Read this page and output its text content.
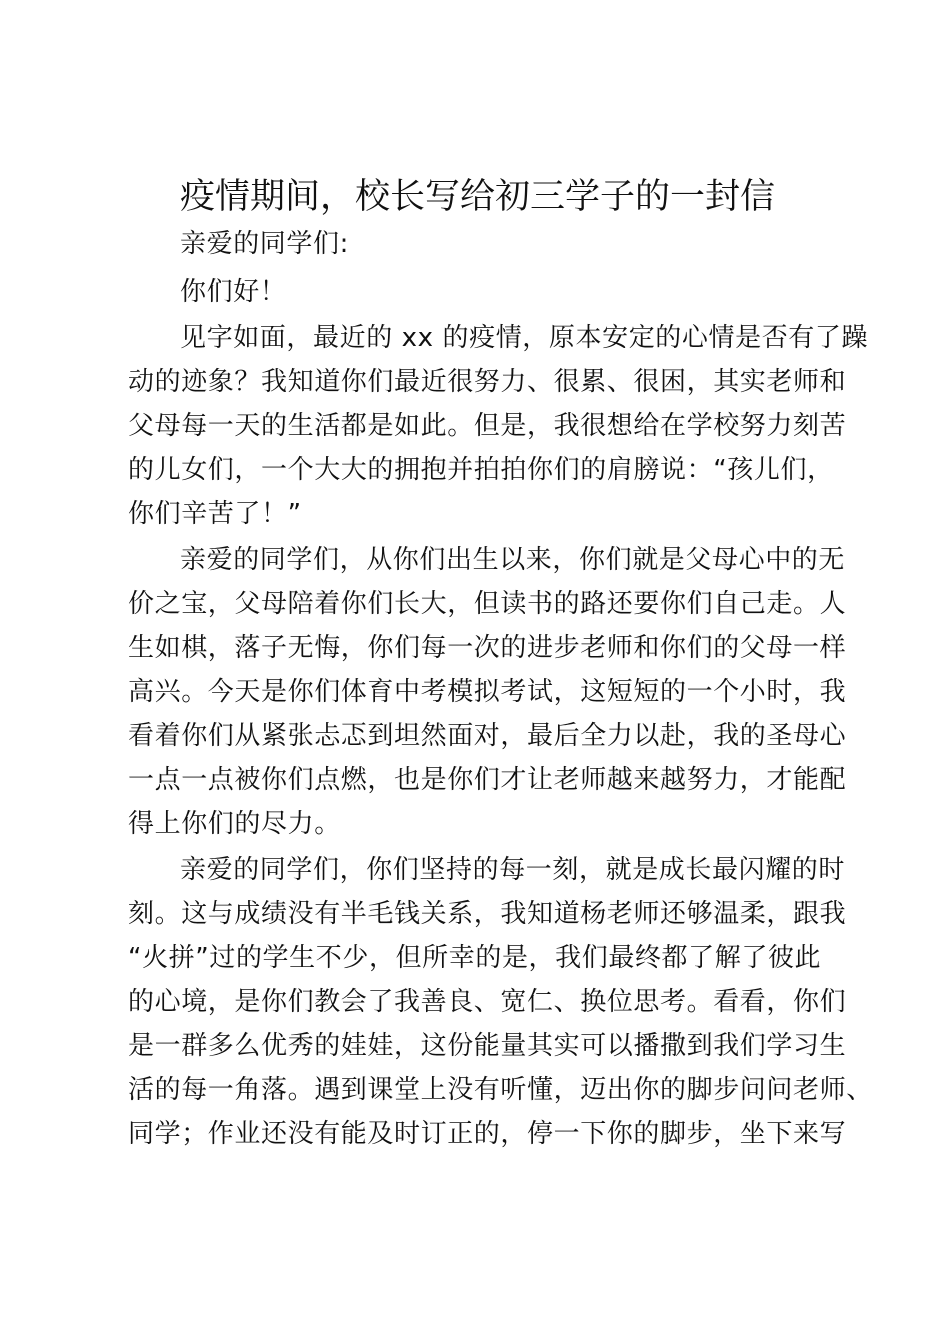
疫情期间，校长写给初三学子的一封信
亲爱的同学们:
你们好！
见字如面，最近的 xx 的疫情，原本安定的心情是否有了躁
动的迹象？我知道你们最近很努力、很累、很困，其实老师和
父母每一天的生活都是如此。但是，我很想给在学校努力刻苦
的儿女们，一个大大的拥抱并拍拍你们的肩膀说：“孩儿们，
你们辛苦了！”
亲爱的同学们，从你们出生以来，你们就是父母心中的无
价之宝，父母陪着你们长大，但读书的路还要你们自己走。人
生如棋，落子无悔，你们每一次的进步老师和你们的父母一样
高兴。今天是你们体育中考模拟考试，这短短的一个小时，我
看着你们从紧张忐忑到坦然面对，最后全力以赴，我的圣母心
一点一点被你们点燃，也是你们才让老师越来越努力，才能配
得上你们的尽力。
亲爱的同学们，你们坚持的每一刻，就是成长最闪耀的时
刻。这与成绩没有半毛钱关系，我知道杨老师还够温柔，跟我
“火拼”过的学生不少，但所幸的是，我们最终都了解了彼此
的心境，是你们教会了我善良、宽仁、换位思考。看看，你们
是一群多么优秀的娃娃，这份能量其实可以播撒到我们学习生
活的每一角落。遇到课堂上没有听懂，迈出你的脚步问问老师、
同学；作业还没有能及时订正的，停一下你的脚步，坐下来写
